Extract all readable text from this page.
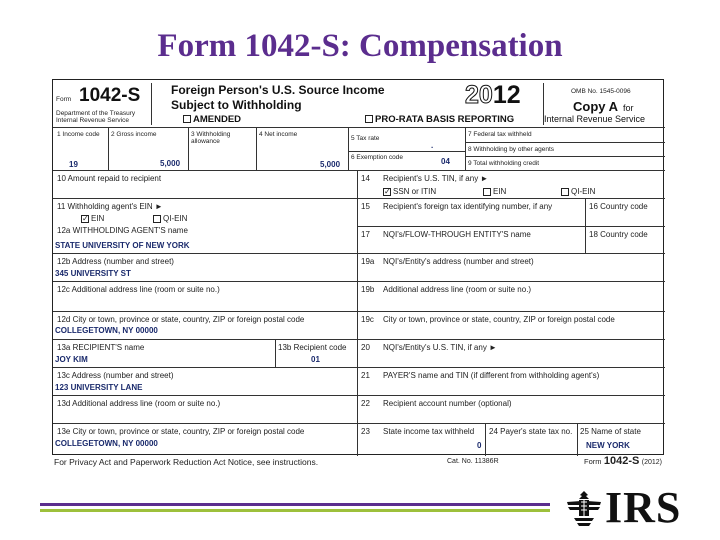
Form 1042-S: Compensation
Form 1042-S
Department of the Treasury
Internal Revenue Service
Foreign Person's U.S. Source Income
Subject to Withholding
AMENDED	PRO-RATA BASIS REPORTING
2012	OMB No. 1545-0096
Copy A for
Internal Revenue Service
1 Income code
19
2 Gross income
5,000
3 Withholding allowance
4 Net income
5,000
5 Tax rate
.
6 Exemption code	04
7 Federal tax withheld
8 Withholding by other agents
9 Total withholding credit
10 Amount repaid to recipient
11 Withholding agent's EIN ►
✓ EIN	QI-EIN
12a WITHHOLDING AGENT'S name
STATE UNIVERSITY OF NEW YORK
12b Address (number and street)
345 UNIVERSITY ST
12c Additional address line (room or suite no.)
12d City or town, province or state, country, ZIP or foreign postal code
COLLEGETOWN, NY 00000
13a RECIPIENT'S name
JOY KIM
13b Recipient code
01
13c Address (number and street)
123 UNIVERSITY LANE
13d Additional address line (room or suite no.)
13e City or town, province or state, country, ZIP or foreign postal code
COLLEGETOWN, NY 00000
14 Recipient's U.S. TIN, if any ►
✓ SSN or ITIN	EIN	QI-EIN
15 Recipient's foreign tax identifying number, if any	16 Country code
17 NQI's/FLOW-THROUGH ENTITY'S name	18 Country code
19a NQI's/Entity's address (number and street)
19b Additional address line (room or suite no.)
19c City or town, province or state, country, ZIP or foreign postal code
20 NQI's/Entity's U.S. TIN, if any ►
21 PAYER'S name and TIN (if different from withholding agent's)
22 Recipient account number (optional)
23 State income tax withheld
0
24 Payer's state tax no. 25 Name of state
NEW YORK
For Privacy Act and Paperwork Reduction Act Notice, see instructions.	Cat. No. 11386R	Form 1042-S (2012)
IRS
